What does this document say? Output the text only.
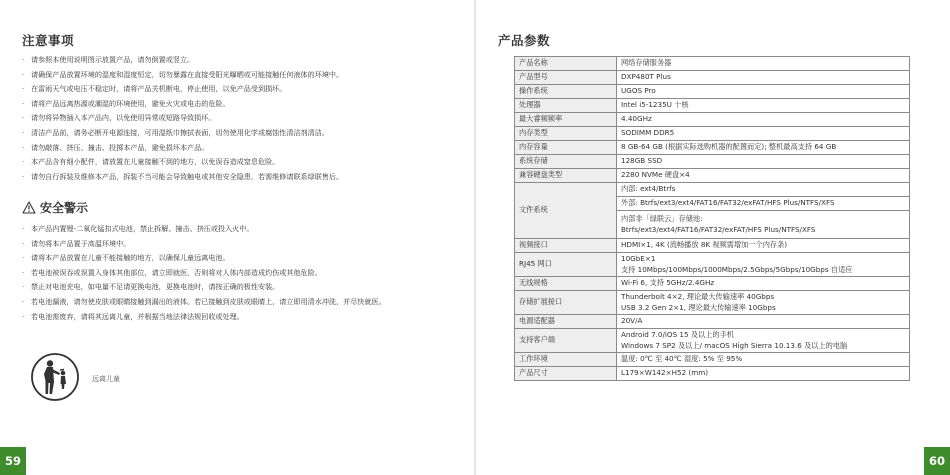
注意事项
· 请参照本使用说明图示放置产品，请勿倒置或竖立。
· 请确保产品放置环境的湿度和湿度恒定，切勿暴露在直接受阳光曝晒或可能接触任何液体的环境中。
· 在雷雨天气或电压不稳定时，请将产品关机断电，停止使用，以免产品受到损坏。
· 请将产品远离热源或潮湿的环境使用，避免火灾或电击的危险。
· 请勿将异物插入本产品内，以免使用异常或短路导致损坏。
· 清洁产品前，请务必断开电源连接，可用湿纸巾擦拭表面，切勿使用化学或腐蚀性清洁剂清洁。
· 请勿敲落、挤压、撞击、投掷本产品，避免损坏本产品。
· 本产品含有细小配件，请放置在儿童接触不到的地方，以免误吞造成窒息危险。
· 请勿自行拆装及维修本产品，拆装不当可能会导致触电或其他安全隐患，若需维修请联系绿联售后。
安全警示
· 本产品内置锂-二氧化锰扣式电池，禁止拆解、撞击、挤压或投入火中。
· 请勿将本产品置于高温环境中。
· 请将本产品放置在儿童不能接触的地方，以确保儿童远离电池。
· 若电池被误吞或误置入身体其他部位，请立即就医，否则将对人体内部造成灼伤或其他危险。
· 禁止对电池充电，如电量不足请更换电池，更换电池时，请按正确的极性安装。
· 若电池漏液，请勿使皮肤或眼睛接触到漏出的液体。若已接触到皮肤或眼睛上，请立即用清水冲洗，并尽快就医。
· 若电池需废弃，请将其远离儿童，并根据当地法律法规回收或处理。
远离儿童
59
产品参数
产品名称	网络存储服务器

产品型号	DXP480T Plus

操作系统	UGOS Pro

处理器	Intel i5-1235U 十核

最大睿频频率	4.40GHz

内存类型	SODIMM DDR5

内存容量	8 GB-64 GB (根据实际选购机器的配置而定); 整机最高支持 64 GB

系统存储	128GB SSD

兼容硬盘类型	2280 NVMe 硬盘×4

文件系统	内部: ext4/Btrfs

	外部: Btrfs/ext3/ext4/FAT16/FAT32/exFAT/HFS Plus/NTFS/XFS

	内部非「绿联云」存储池:
Btrfs/ext3/ext4/FAT16/FAT32/exFAT/HFS Plus/NTFS/XFS

视频接口	HDMI×1, 4K (流畅播放 8K 视频需增加一个内存条)

RJ45 网口	10GbE×1
支持 10Mbps/100Mbps/1000Mbps/2.5Gbps/5Gbps/10Gbps 自适应

无线规格	Wi-Fi 6, 支持 5GHz/2.4GHz

存储扩展接口	Thunderbolt 4×2, 理论最大传输速率 40Gbps
USB 3.2 Gen 2×1, 理论最大传输速率 10Gbps

电源适配器	20V/A

支持客户端	Android 7.0/iOS 15 及以上的手机
Windows 7 SP2 及以上/ macOS High Sierra 10.13.6 及以上的电脑

工作环境	温度: 0℃ 至 40℃ 湿度: 5% 至 95%

产品尺寸	L179×W142×H52 (mm)
60
